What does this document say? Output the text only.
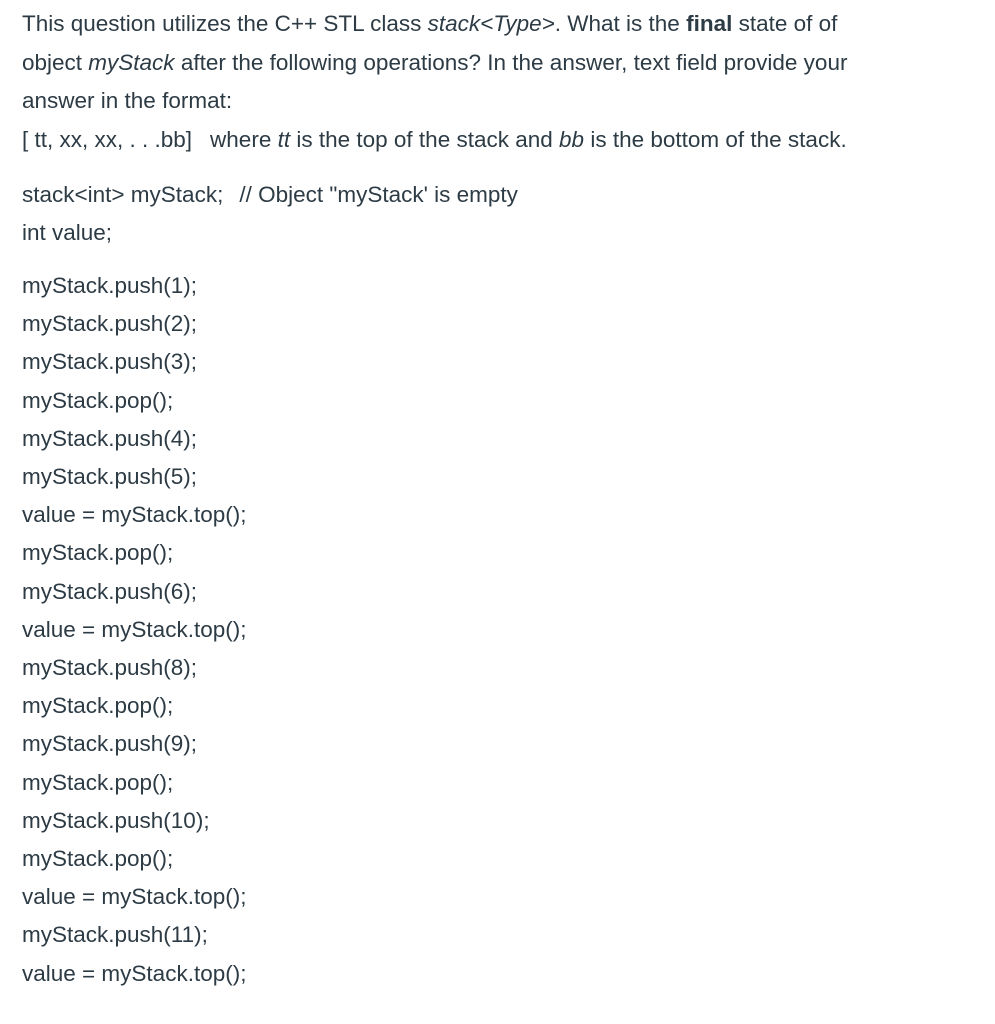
This question utilizes the C++ STL class stack<Type>. What is the final state of of
object myStack after the following operations? In the answer, text field provide your
answer in the format:
[ tt, xx, xx, . . .bb] where tt is the top of the stack and bb is the bottom of the stack.
stack<int> myStack; // Object "myStack' is empty
int value;
myStack.push(1);
myStack.push(2);
myStack.push(3);
myStack.pop();
myStack.push(4);
myStack.push(5);
value = myStack.top();
myStack.pop();
myStack.push(6);
value = myStack.top();
myStack.push(8);
myStack.pop();
myStack.push(9);
myStack.pop();
myStack.push(10);
myStack.pop();
value = myStack.top();
myStack.push(11);
value = myStack.top();
